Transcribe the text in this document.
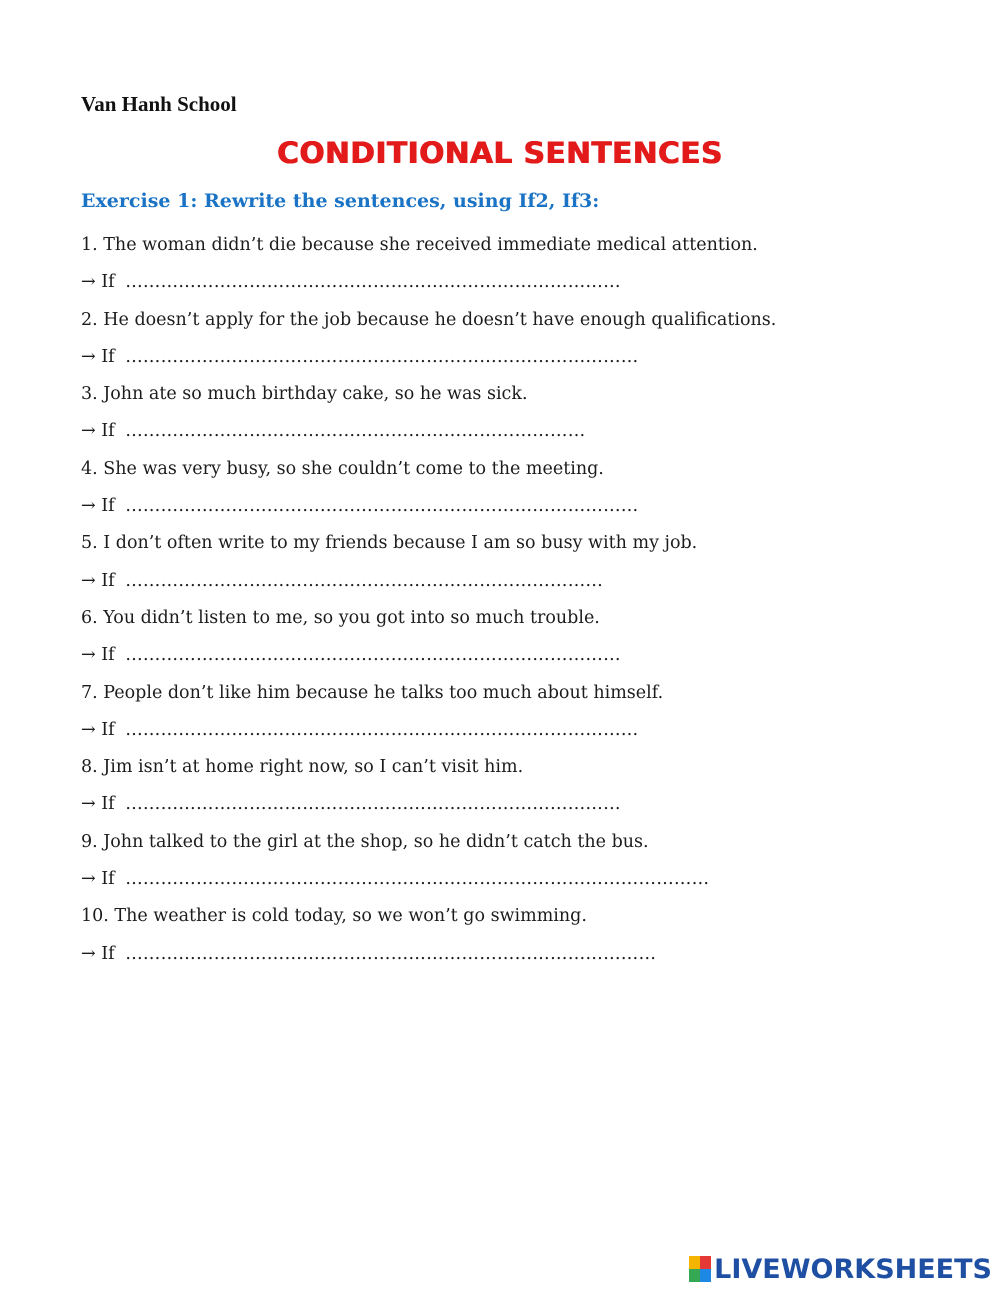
Van Hanh School

CONDITIONAL SENTENCES

Exercise 1: Rewrite the sentences, using If2, If3:

1. The woman didn’t die because she received immediate medical attention.
→ If …………………………………………………………………………
2. He doesn’t apply for the job because he doesn’t have enough qualifications.
→ If ……………………………………………………………………………
3. John ate so much birthday cake, so he was sick.
→ If ……………………………………………………………………
4. She was very busy, so she couldn’t come to the meeting.
→ If ……………………………………………………………………………
5. I don’t often write to my friends because I am so busy with my job.
→ If ………………………………………………………………………
6. You didn’t listen to me, so you got into so much trouble.
→ If …………………………………………………………………………
7. People don’t like him because he talks too much about himself.
→ If ……………………………………………………………………………
8. Jim isn’t at home right now, so I can’t visit him.
→ If …………………………………………………………………………
9. John talked to the girl at the shop, so he didn’t catch the bus.
→ If ………………………………………………………………………………………
10. The weather is cold today, so we won’t go swimming.
→ If ………………………………………………………………………………
LIVEWORKSHEETS
